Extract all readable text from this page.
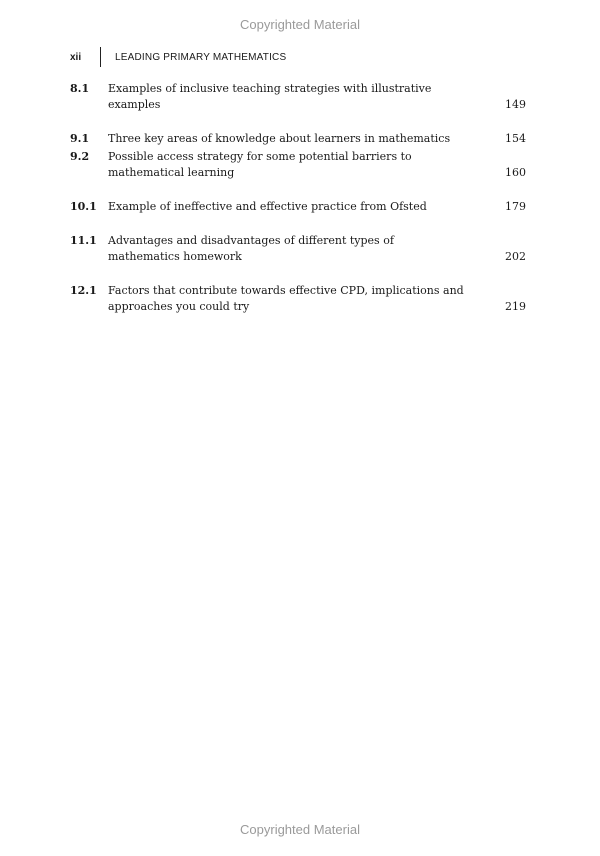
Copyrighted Material
xii	LEADING PRIMARY MATHEMATICS
8.1	Examples of inclusive teaching strategies with illustrative examples	149
9.1	Three key areas of knowledge about learners in mathematics	154
9.2	Possible access strategy for some potential barriers to
mathematical learning	160
10.1	Example of ineffective and effective practice from Ofsted	179
11.1	Advantages and disadvantages of different types of
mathematics homework	202
12.1	Factors that contribute towards effective CPD, implications and
approaches you could try	219
Copyrighted Material
